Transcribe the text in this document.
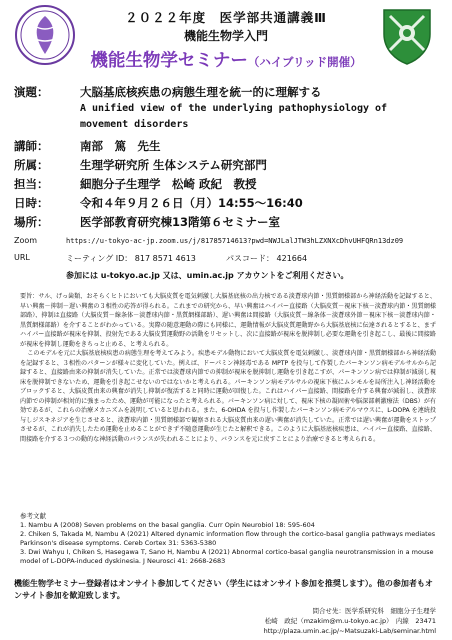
２０２２年度　医学部共通講義Ⅲ
機能生物学入門
機能生物学セミナー（ハイブリッド開催）
演題：	大脳基底核疾患の病態生理を統一的に理解する
A unified view of the underlying pathophysiology of
movement disorders
講師：	南部　篤　先生
所属：	生理学研究所 生体システム研究部門
担当：	細胞分子生理学　松崎 政紀　教授
日時：	令和４年９月２６日（月）14:55～16:40
場所：	医学部教育研究棟13階第６セミナー室
Zoom	https://u-tokyo-ac-jp.zoom.us/j/81785714613?pwd=NWJLalJTW3hLZXNXcDhvUHFQRn13dz09
URL	ミーティング ID： 817 8571 4613	パスコード： 421664
参加には u-tokyo.ac.jp 又は、umin.ac.jp アカウントをご利用ください。
要旨：サル、げっ歯類、おそらくヒトにおいても大脳皮質を電気刺激し大脳基底核の出力核である淡蒼球内節・黒質網様部から神経活動を記録すると、早い興奮－抑制－遅い興奮の３相性の応答が得られる。これまでの研究から、早い興奮はハイパー直接路（大脳皮質－視床下核－淡蒼球内節・黒質網様部路）、抑制は直接路（大脳皮質－線条体－淡蒼球内節・黒質網様部路）、遅い興奮は間接路（大脳皮質－線条体－淡蒼球外節－視床下核－淡蒼球内節・黒質網様部路）を介することがわかっている。実際の随意運動の際にも同様に、運動情報が大脳皮質運動野から大脳基底核に伝達されるとすると、まずハイパー直接路が視床を抑制、投射先である大脳皮質運動野の活動をリセットし、次に直接路が視床を脱抑制し必要な運動を引き起こし、最後に間接路が視床を抑制し運動をきちっと止める、と考えられる。
このモデルを元に大脳基底核疾患の病態生理を考えてみよう。疾患モデル動物において大脳皮質を電気刺激し、淡蒼球内節・黒質網様部から神経活動を記録すると、３相性のパターンが様々に変化していた。例えば、ドーパミン神経毒である MPTP を投与して作製したパーキンソン病モデルサルから記録すると、直接路由来の抑制が消失していた。正常では淡蒼球内節での抑制が視床を脱抑制し運動を引き起こすが、パーキンソン病では抑制が減弱し視床を脱抑制できないため、運動を引き起こせないのではないかと考えられる。パーキンソン病モデルサルの視床下核にムシモルを局所注入し神経活動をブロックすると、大脳皮質由来の興奮が消失し抑制が復活すると同時に運動が回復した。これはハイパー直接路、間接路を介する興奮が減弱し、淡蒼球内節での抑制が相対的に強まったため、運動が可能になったと考えられる。パーキンソン病に対して、視床下核の凝固術や脳深部刺激療法（DBS）が有効であるが、これらの治療メカニズムを説明していると思われる。また、6-OHDA を投与し作製したパーキンソン病モデルマウスに、L-DOPA を連続投与しジスキネジアを生じさせると、淡蒼球内節・黒質網様部で観察される大脳皮質由来の遅い興奮が消失していた。正常では遅い興奮が運動をストップさせるが、これが消失したため運動を止めることができず不随意運動が生じたと解釈できる。このように大脳基底核疾患は、ハイパー直接路、直接路、間接路を介する３つの動的な神経活動のバランスが失われることにより、バランスを元に戻すことにより治療できると考えられる。
参考文献
1. Nambu A (2008) Seven problems on the basal ganglia. Curr Opin Neurobiol 18: 595-604
2. Chiken S, Takada M, Nambu A (2021) Altered dynamic information flow through the cortico-basal ganglia pathways mediates Parkinson's disease symptoms. Cereb Cortex 31: 5363-5380
3. Dwi Wahyu I, Chiken S, Hasegawa T, Sano H, Nambu A (2021) Abnormal cortico-basal ganglia neurotransmission in a mouse model of L-DOPA-induced dyskinesia. J Neurosci 41: 2668-2683
機能生物学セミナー登録者はオンサイト参加してください（学生にはオンサイト参加を推奨します）。他の参加者もオンサイト参加を歓迎致します。
問合せ先：医学系研究科　細胞分子生理学
松崎　政紀（mzakim@m.u-tokyo.ac.jp）　内線　23471
http://plaza.umin.ac.jp/~Matsuzaki-Lab/seminar.html
